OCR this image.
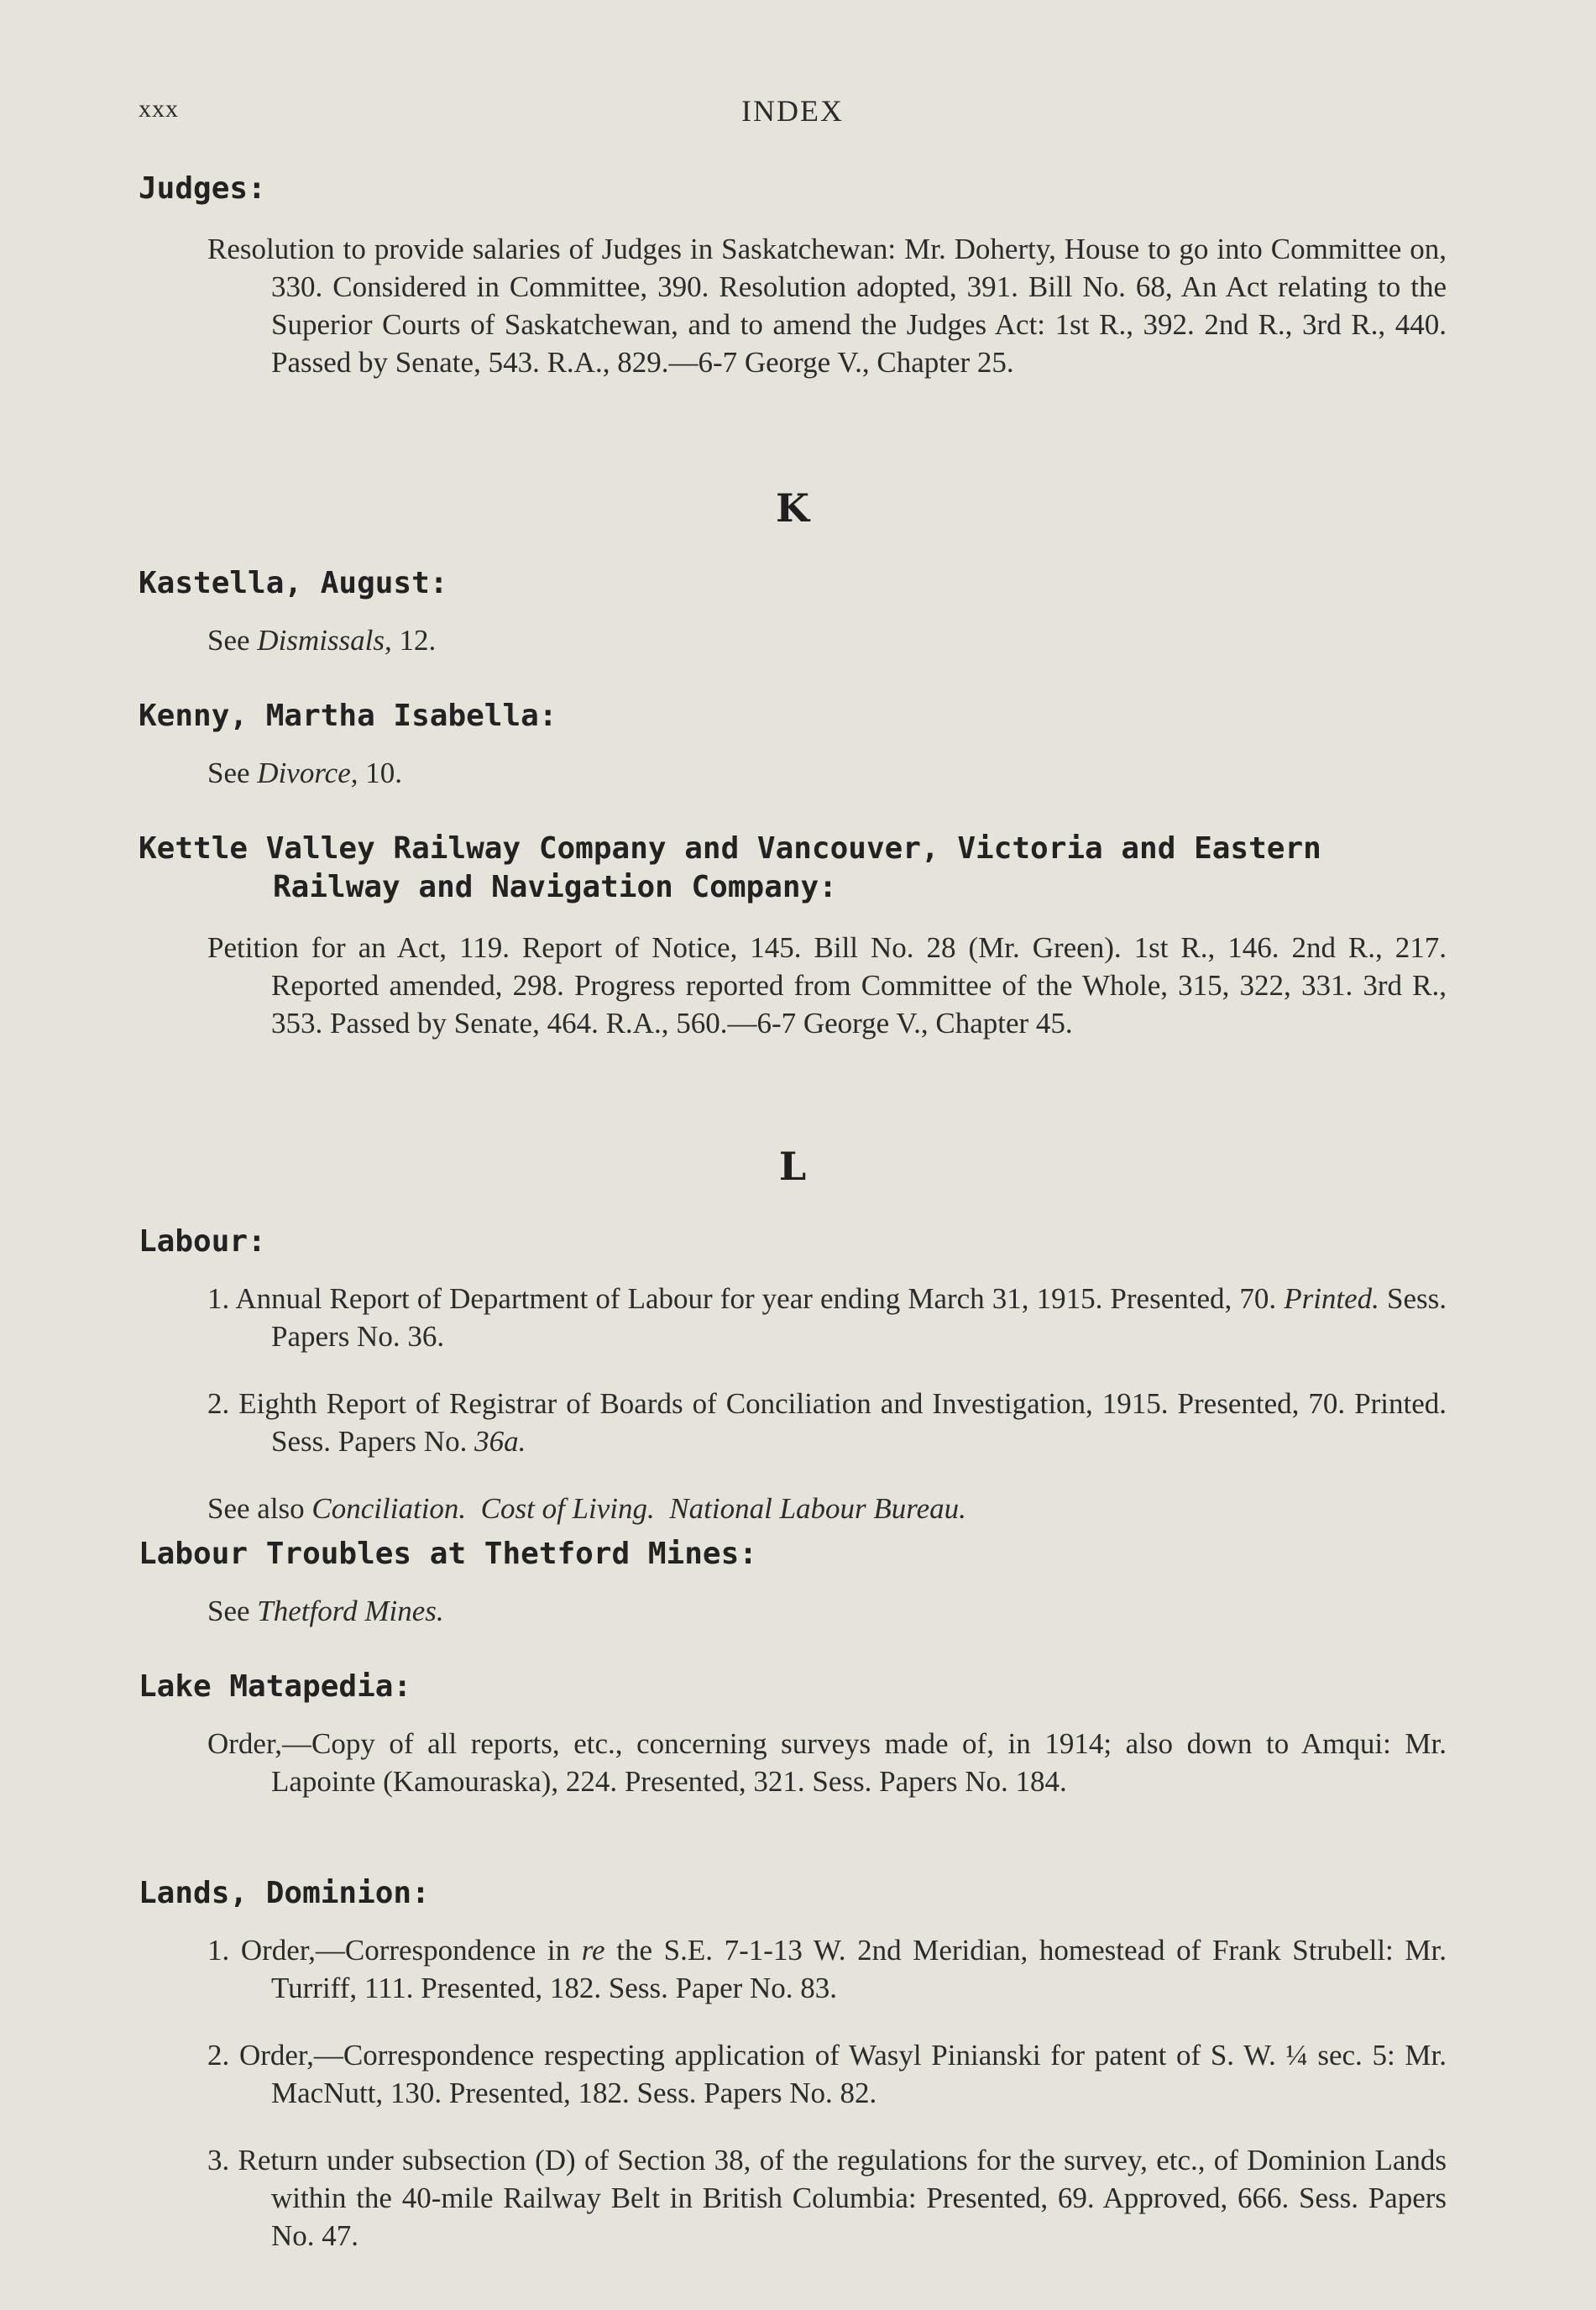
xxx	INDEX

Judges:

Resolution to provide salaries of Judges in Saskatchewan: Mr. Doherty, House to go into Committee on, 330. Considered in Committee, 390. Resolution adopted, 391. Bill No. 68, An Act relating to the Superior Courts of Saskatchewan, and to amend the Judges Act: 1st R., 392. 2nd R., 3rd R., 440. Passed by Senate, 543. R.A., 829.—6-7 George V., Chapter 25.

K

Kastella, August:

See Dismissals, 12.

Kenny, Martha Isabella:

See Divorce, 10.

Kettle Valley Railway Company and Vancouver, Victoria and Eastern Railway and Navigation Company:

Petition for an Act, 119. Report of Notice, 145. Bill No. 28 (Mr. Green). 1st R., 146. 2nd R., 217. Reported amended, 298. Progress reported from Committee of the Whole, 315, 322, 331. 3rd R., 353. Passed by Senate, 464. R.A., 560.—6-7 George V., Chapter 45.

L

Labour:

1. Annual Report of Department of Labour for year ending March 31, 1915. Presented, 70. Printed. Sess. Papers No. 36.

2. Eighth Report of Registrar of Boards of Conciliation and Investigation, 1915. Presented, 70. Printed. Sess. Papers No. 36a.

See also Conciliation. Cost of Living. National Labour Bureau.

Labour Troubles at Thetford Mines:

See Thetford Mines.

Lake Matapedia:

Order,—Copy of all reports, etc., concerning surveys made of, in 1914; also down to Amqui: Mr. Lapointe (Kamouraska), 224. Presented, 321. Sess. Papers No. 184.

Lands, Dominion:

1. Order,—Correspondence in re the S.E. 7-1-13 W. 2nd Meridian, homestead of Frank Strubell: Mr. Turriff, 111. Presented, 182. Sess. Paper No. 83.

2. Order,—Correspondence respecting application of Wasyl Pinianski for patent of S. W. ¼ sec. 5: Mr. MacNutt, 130. Presented, 182. Sess. Papers No. 82.

3. Return under subsection (D) of Section 38, of the regulations for the survey, etc., of Dominion Lands within the 40-mile Railway Belt in British Columbia: Presented, 69. Approved, 666. Sess. Papers No. 47.
